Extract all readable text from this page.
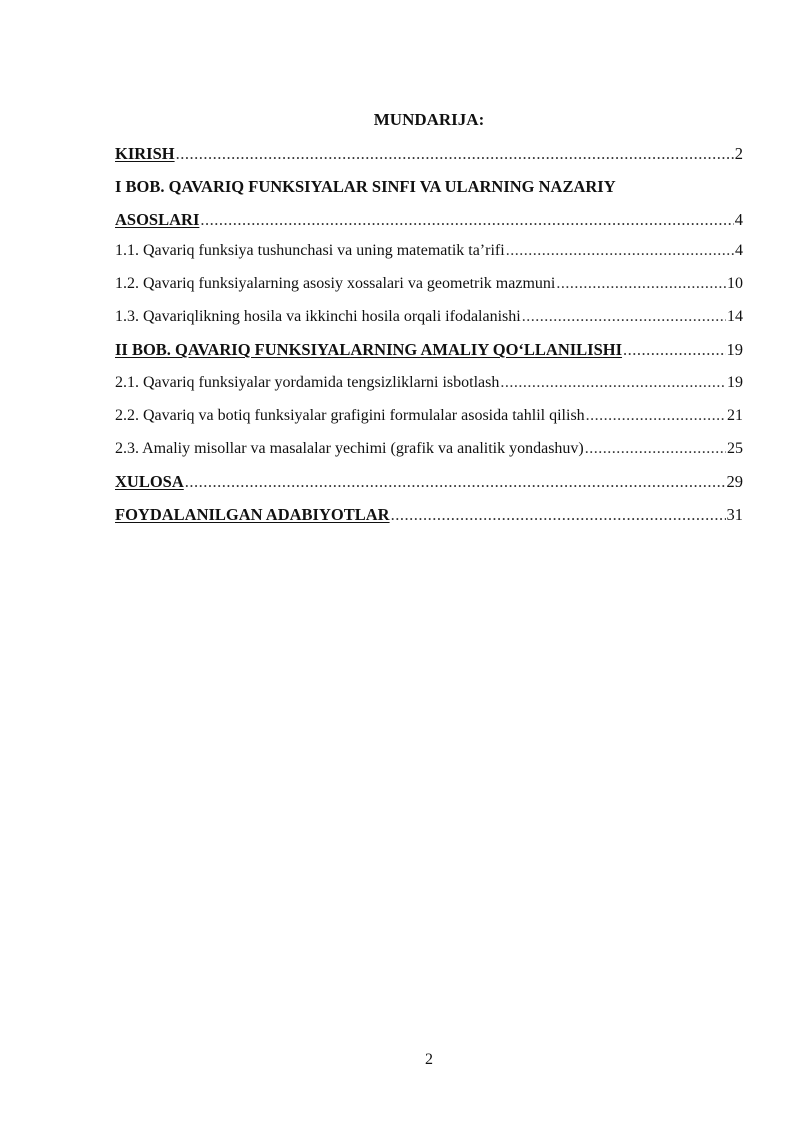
MUNDARIJA:
KIRISH .....	2
I BOB. QAVARIQ FUNKSIYALAR SINFI VA ULARNING NAZARIY
ASOSLARI .....	4
1.1. Qavariq funksiya tushunchasi va uning matematik ta’rifi .....	4
1.2. Qavariq funksiyalarning asosiy xossalari va geometrik mazmuni .....	10
1.3. Qavariqlikning hosila va ikkinchi hosila orqali ifodalanishi .....	14
II BOB. QAVARIQ FUNKSIYALARNING AMALIY QO‘LLANILISHI .....	19
2.1. Qavariq funksiyalar yordamida tengsizliklarni isbotlash .....	19
2.2. Qavariq va botiq funksiyalar grafigini formulalar asosida tahlil qilish .....	21
2.3. Amaliy misollar va masalalar yechimi (grafik va analitik yondashuv) .....	25
XULOSA .....	29
FOYDALANILGAN ADABIYOTLAR .....	31
2
